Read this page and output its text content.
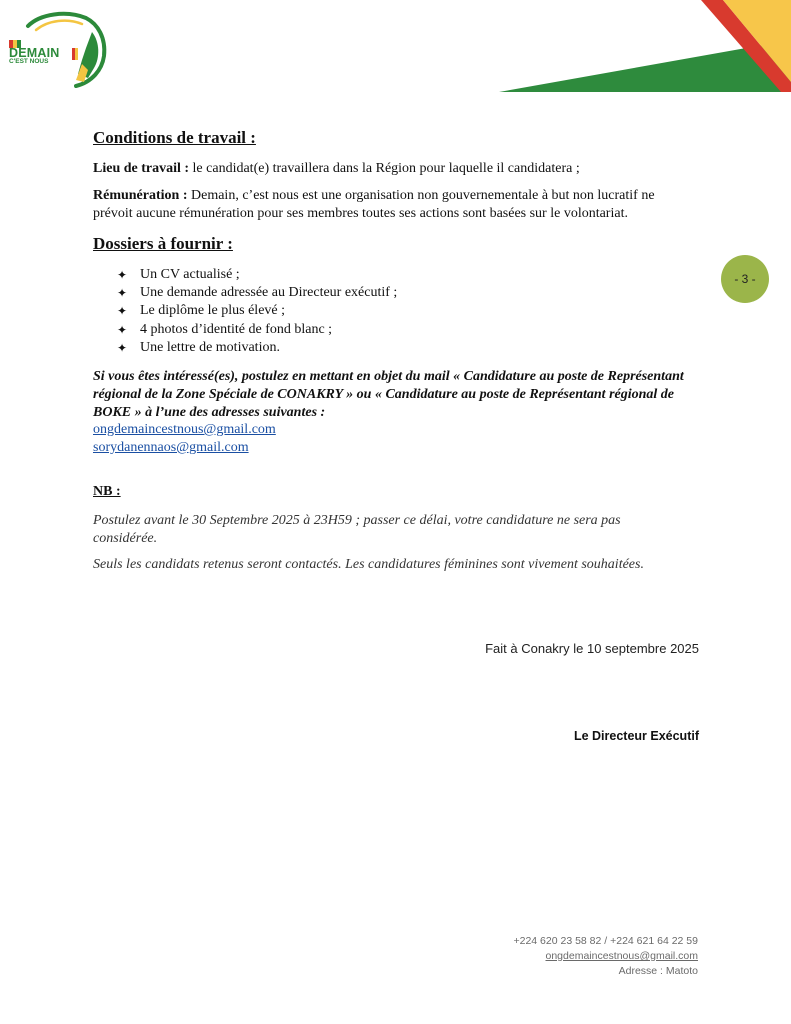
DEMAIN
C'EST NOUS
Conditions de travail :
Lieu de travail : le candidat(e) travaillera dans la Région pour laquelle il candidatera ;
Rémunération : Demain, c’est nous est une organisation non gouvernementale à but non lucratif ne
prévoit aucune rémunération pour ses membres toutes ses actions sont basées sur le volontariat.
Dossiers à fournir :
✦ Un CV actualisé ;
✦ Une demande adressée au Directeur exécutif ;
✦ Le diplôme le plus élevé ;
✦ 4 photos d’identité de fond blanc ;
✦ Une lettre de motivation.
- 3 -
Si vous êtes intéressé(es), postulez en mettant en objet du mail « Candidature au poste de Représentant
régional de la Zone Spéciale de CONAKRY » ou « Candidature au poste de Représentant régional de
BOKE » à l’une des adresses suivantes :
ongdemaincestnous@gmail.com
sorydanennaos@gmail.com
NB :
Postulez avant le 30 Septembre 2025 à 23H59 ; passer ce délai, votre candidature ne sera pas
considérée.
Seuls les candidats retenus seront contactés. Les candidatures féminines sont vivement souhaitées.
Fait à Conakry le 10 septembre 2025
Le Directeur Exécutif
+224 620 23 58 82 / +224 621 64 22 59
ongdemaincestnous@gmail.com
Adresse : Matoto
